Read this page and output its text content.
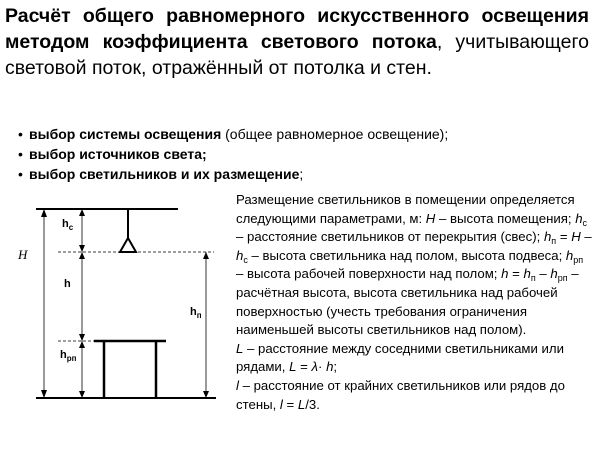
Расчёт общего равномерного искусственного освещения методом коэффициента светового потока, учитывающего световой поток, отражённый от потолка и стен.
• выбор системы освещения (общее равномерное освещение);
• выбор источников света;
• выбор светильников и их размещение;
H
$h_c$
h
$h_{рп}$
$h_п$

Размещение светильников в помещении определяется следующими параметрами, м: H – высота помещения; $h_с$ – расстояние светильников от перекрытия (свес); $h_п = H - h_с$ – высота светильника над полом, высота подвеса; $h_{рп}$ – высота рабочей поверхности над полом; $h = h_п - h_{рп}$ – расчётная высота, высота светильника над рабочей поверхностью (учесть требования ограничения наименьшей высоты светильников над полом).

L – расстояние между соседними светильниками или рядами, L = λ· h;

l – расстояние от крайних светильников или рядов до стены, l = L/3.
